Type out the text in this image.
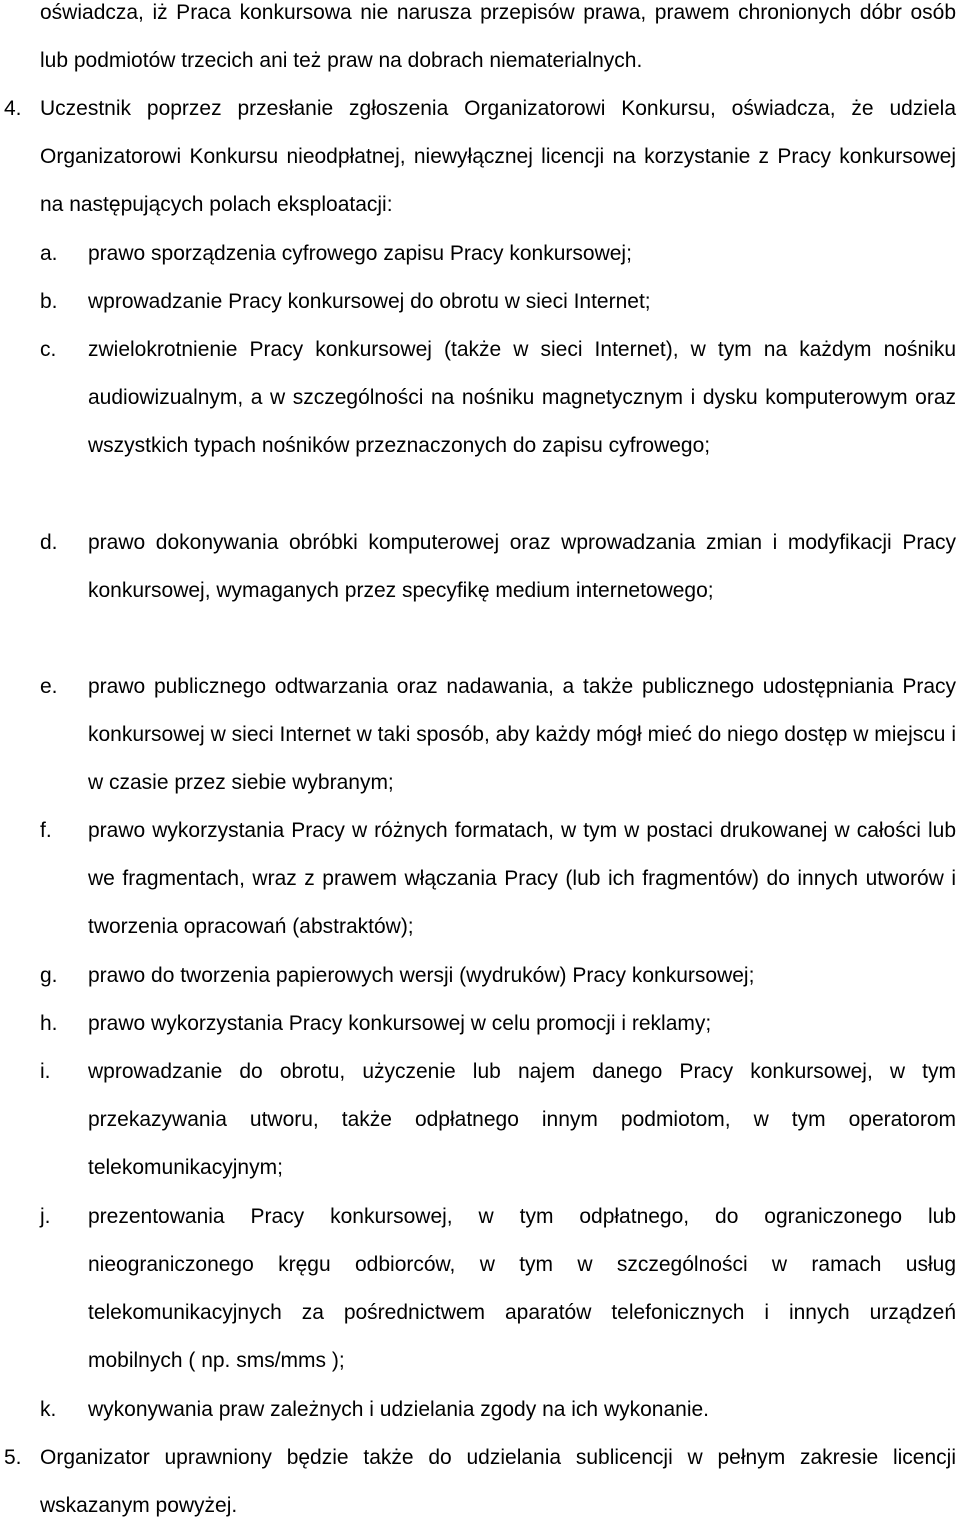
oświadcza, iż Praca konkursowa nie narusza przepisów prawa, prawem chronionych dóbr osób lub podmiotów trzecich ani też praw na dobrach niematerialnych.
4. Uczestnik poprzez przesłanie zgłoszenia Organizatorowi Konkursu, oświadcza, że udziela Organizatorowi Konkursu nieodpłatnej, niewyłącznej licencji na korzystanie z Pracy konkursowej na następujących polach eksploatacji:
a.	prawo sporządzenia cyfrowego zapisu Pracy konkursowej;
b.	wprowadzanie Pracy konkursowej do obrotu w sieci Internet;
c.	zwielokrotnienie Pracy konkursowej (także w sieci Internet), w tym na każdym nośniku audiowizualnym, a w szczególności na nośniku magnetycznym i dysku komputerowym oraz wszystkich typach nośników przeznaczonych do zapisu cyfrowego;
d.	prawo dokonywania obróbki komputerowej oraz wprowadzania zmian i modyfikacji Pracy konkursowej, wymaganych przez specyfikę medium internetowego;
e.	prawo publicznego odtwarzania oraz nadawania, a także publicznego udostępniania Pracy konkursowej w sieci Internet w taki sposób, aby każdy mógł mieć do niego dostęp w miejscu i w czasie przez siebie wybranym;
f.	prawo wykorzystania Pracy w różnych formatach, w tym w postaci drukowanej w całości lub we fragmentach, wraz z prawem włączania Pracy (lub ich fragmentów) do innych utworów i tworzenia opracowań (abstraktów);
g.	prawo do tworzenia papierowych wersji (wydruków) Pracy konkursowej;
h.	prawo wykorzystania Pracy konkursowej w celu promocji i reklamy;
i.	wprowadzanie do obrotu, użyczenie lub najem danego Pracy konkursowej, w tym przekazywania utworu, także odpłatnego innym podmiotom, w tym operatorom telekomunikacyjnym;
j.	prezentowania Pracy konkursowej, w tym odpłatnego, do ograniczonego lub nieograniczonego kręgu odbiorców, w tym w szczególności w ramach usług telekomunikacyjnych za pośrednictwem aparatów telefonicznych i innych urządzeń mobilnych ( np. sms/mms );
k.	wykonywania praw zależnych i udzielania zgody na ich wykonanie.
5. Organizator uprawniony będzie także do udzielania sublicencji w pełnym zakresie licencji wskazanym powyżej.
